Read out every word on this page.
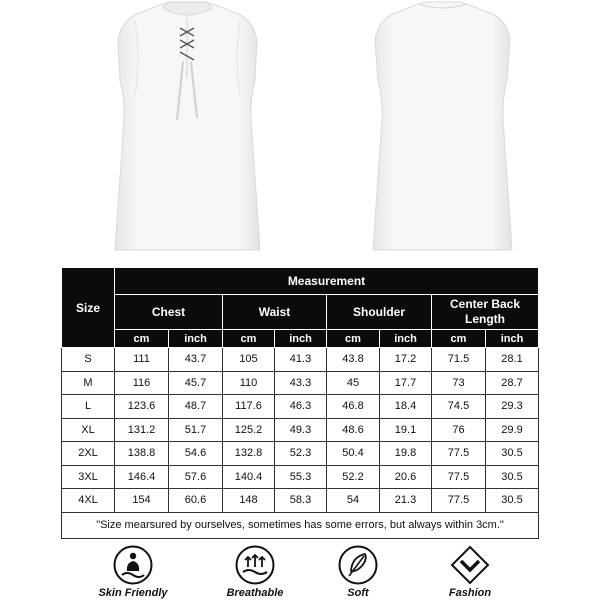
Size	Measurement							
	Chest		Waist		Shoulder		Center Back Length	
	cm	inch	cm	inch	cm	inch	cm	inch
S	111	43.7	105	41.3	43.8	17.2	71.5	28.1
M	116	45.7	110	43.3	45	17.7	73	28.7
L	123.6	48.7	117.6	46.3	46.8	18.4	74.5	29.3
XL	131.2	51.7	125.2	49.3	48.6	19.1	76	29.9
2XL	138.8	54.6	132.8	52.3	50.4	19.8	77.5	30.5
3XL	146.4	57.6	140.4	55.3	52.2	20.6	77.5	30.5
4XL	154	60.6	148	58.3	54	21.3	77.5	30.5
"Size mearsured by ourselves, sometimes has some errors, but always within 3cm."								
Skin Friendly	Breathable	Soft	Fashion
